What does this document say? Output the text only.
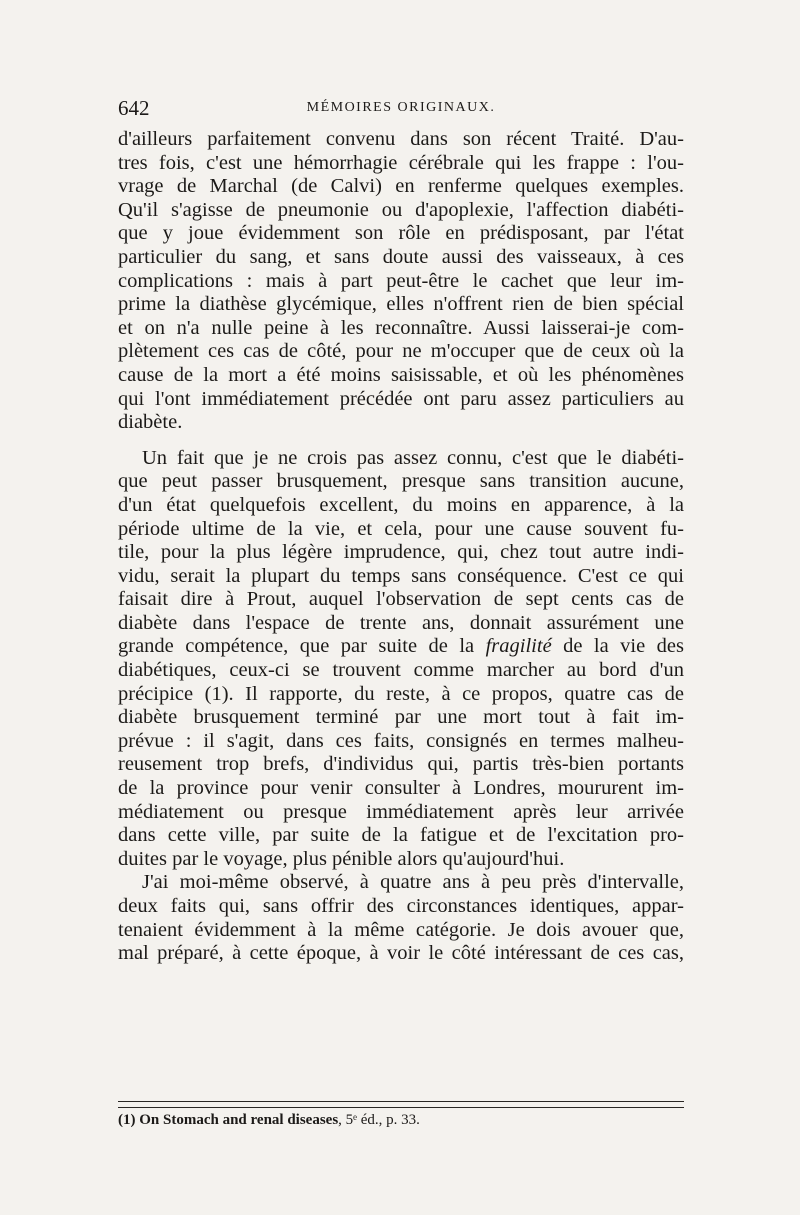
642	MÉMOIRES ORIGINAUX.
d'ailleurs parfaitement convenu dans son récent Traité. D'au-
tres fois, c'est une hémorrhagie cérébrale qui les frappe : l'ou-
vrage de Marchal (de Calvi) en renferme quelques exemples.
Qu'il s'agisse de pneumonie ou d'apoplexie, l'affection diabéti-
que y joue évidemment son rôle en prédisposant, par l'état
particulier du sang, et sans doute aussi des vaisseaux, à ces
complications : mais à part peut-être le cachet que leur im-
prime la diathèse glycémique, elles n'offrent rien de bien spécial
et on n'a nulle peine à les reconnaître. Aussi laisserai-je com-
plètement ces cas de côté, pour ne m'occuper que de ceux où la
cause de la mort a été moins saisissable, et où les phénomènes
qui l'ont immédiatement précédée ont paru assez particuliers au
diabète.
Un fait que je ne crois pas assez connu, c'est que le diabéti-
que peut passer brusquement, presque sans transition aucune,
d'un état quelquefois excellent, du moins en apparence, à la
période ultime de la vie, et cela, pour une cause souvent fu-
tile, pour la plus légère imprudence, qui, chez tout autre indi-
vidu, serait la plupart du temps sans conséquence. C'est ce qui
faisait dire à Prout, auquel l'observation de sept cents cas de
diabète dans l'espace de trente ans, donnait assurément une
grande compétence, que par suite de la fragilité de la vie des
diabétiques, ceux-ci se trouvent comme marcher au bord d'un
précipice (1). Il rapporte, du reste, à ce propos, quatre cas de
diabète brusquement terminé par une mort tout à fait im-
prévue : il s'agit, dans ces faits, consignés en termes malheu-
reusement trop brefs, d'individus qui, partis très-bien portants
de la province pour venir consulter à Londres, moururent im-
médiatement ou presque immédiatement après leur arrivée
dans cette ville, par suite de la fatigue et de l'excitation pro-
duites par le voyage, plus pénible alors qu'aujourd'hui.
J'ai moi-même observé, à quatre ans à peu près d'intervalle,
deux faits qui, sans offrir des circonstances identiques, appar-
tenaient évidemment à la même catégorie. Je dois avouer que,
mal préparé, à cette époque, à voir le côté intéressant de ces cas,
(1) On Stomach and renal diseases, 5ᵉ éd., p. 33.
